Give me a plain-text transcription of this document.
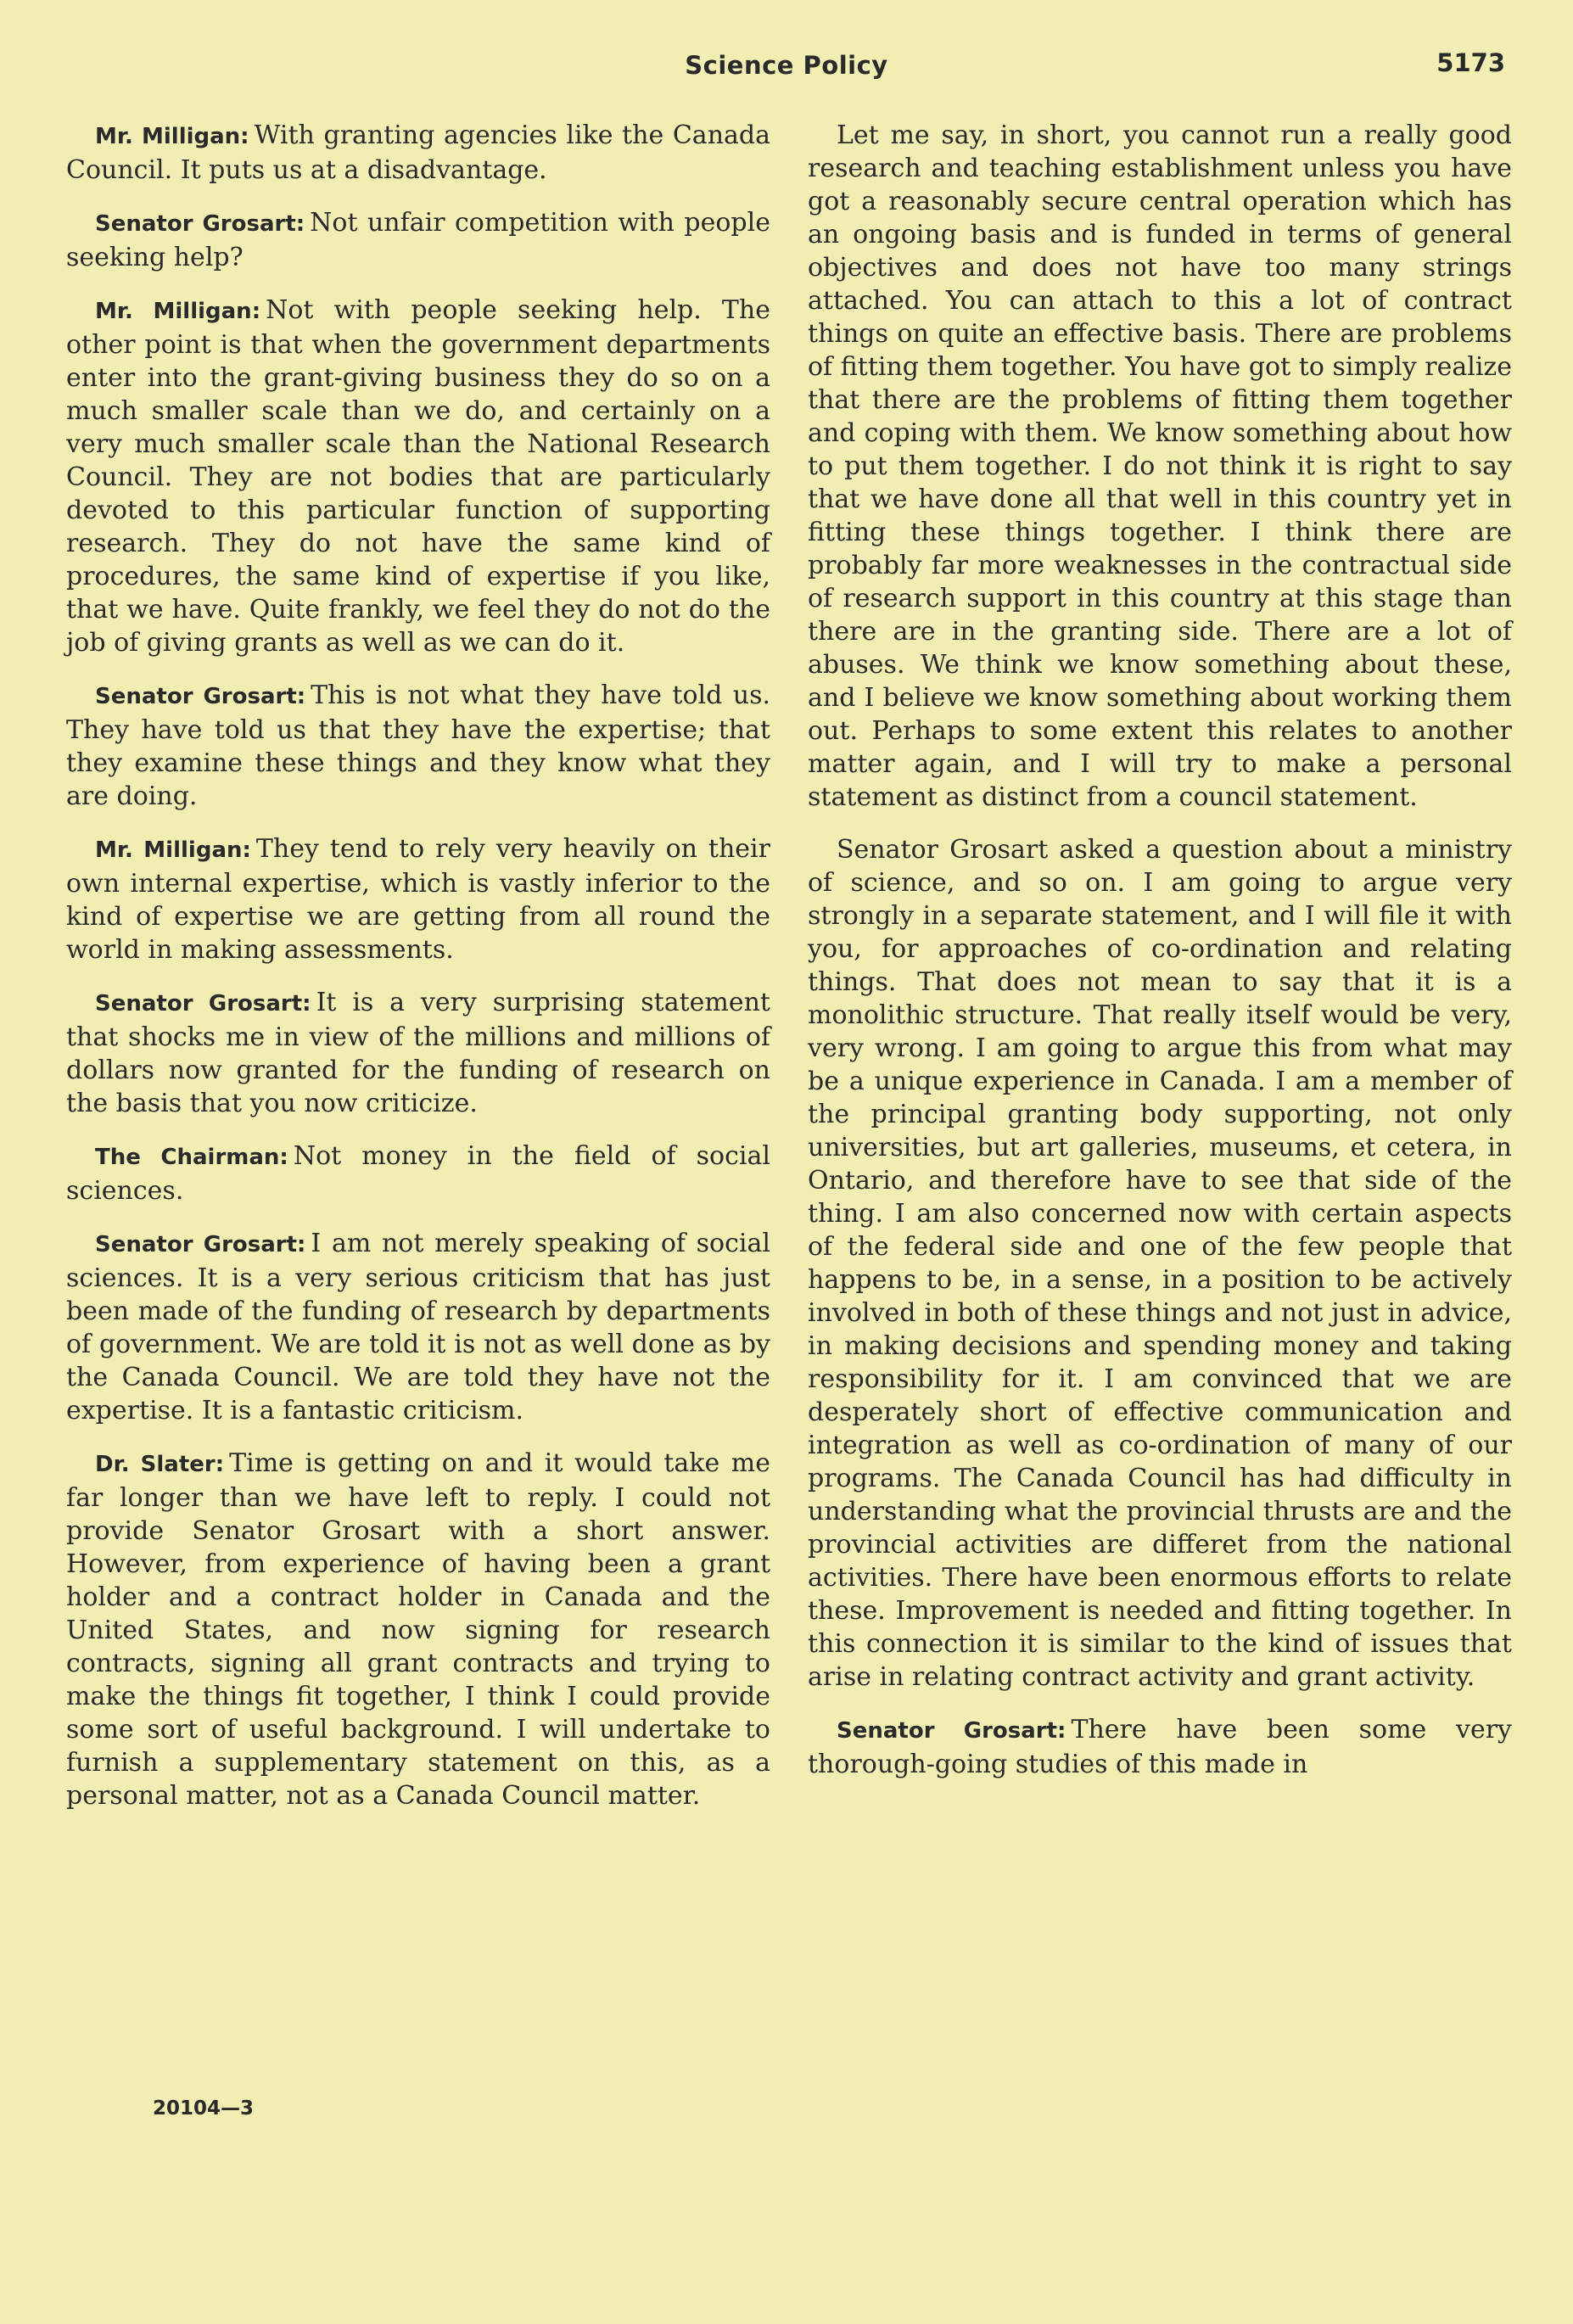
Science Policy	5173

Mr. Milligan: With granting agencies like the Canada Council. It puts us at a disadvantage.

Senator Grosart: Not unfair competition with people seeking help?

Mr. Milligan: Not with people seeking help. The other point is that when the government departments enter into the grant-giving business they do so on a much smaller scale than we do, and certainly on a very much smaller scale than the National Research Council. They are not bodies that are particularly devoted to this particular function of supporting research. They do not have the same kind of procedures, the same kind of expertise if you like, that we have. Quite frankly, we feel they do not do the job of giving grants as well as we can do it.

Senator Grosart: This is not what they have told us. They have told us that they have the expertise; that they examine these things and they know what they are doing.

Mr. Milligan: They tend to rely very heavily on their own internal expertise, which is vastly inferior to the kind of expertise we are getting from all round the world in making assessments.

Senator Grosart: It is a very surprising statement that shocks me in view of the millions and millions of dollars now granted for the funding of research on the basis that you now criticize.

The Chairman: Not money in the field of social sciences.

Senator Grosart: I am not merely speaking of social sciences. It is a very serious criticism that has just been made of the funding of research by departments of government. We are told it is not as well done as by the Canada Council. We are told they have not the expertise. It is a fantastic criticism.

Dr. Slater: Time is getting on and it would take me far longer than we have left to reply. I could not provide Senator Grosart with a short answer. However, from experience of having been a grant holder and a contract holder in Canada and the United States, and now signing for research contracts, signing all grant contracts and trying to make the things fit together, I think I could provide some sort of useful background. I will undertake to furnish a supplementary statement on this, as a personal matter, not as a Canada Council matter.

Let me say, in short, you cannot run a really good research and teaching establishment unless you have got a reasonably secure central operation which has an ongoing basis and is funded in terms of general objectives and does not have too many strings attached. You can attach to this a lot of contract things on quite an effective basis. There are problems of fitting them together. You have got to simply realize that there are the problems of fitting them together and coping with them. We know something about how to put them together. I do not think it is right to say that we have done all that well in this country yet in fitting these things together. I think there are probably far more weaknesses in the contractual side of research support in this country at this stage than there are in the granting side. There are a lot of abuses. We think we know something about these, and I believe we know something about working them out. Perhaps to some extent this relates to another matter again, and I will try to make a personal statement as distinct from a council statement.

Senator Grosart asked a question about a ministry of science, and so on. I am going to argue very strongly in a separate statement, and I will file it with you, for approaches of co-ordination and relating things. That does not mean to say that it is a monolithic structure. That really itself would be very, very wrong. I am going to argue this from what may be a unique experience in Canada. I am a member of the principal granting body supporting, not only universities, but art galleries, museums, et cetera, in Ontario, and therefore have to see that side of the thing. I am also concerned now with certain aspects of the federal side and one of the few people that happens to be, in a sense, in a position to be actively involved in both of these things and not just in advice, in making decisions and spending money and taking responsibility for it. I am convinced that we are desperately short of effective communication and integration as well as co-ordination of many of our programs. The Canada Council has had difficulty in understanding what the provincial thrusts are and the provincial activities are differet from the national activities. There have been enormous efforts to relate these. Improvement is needed and fitting together. In this connection it is similar to the kind of issues that arise in relating contract activity and grant activity.

Senator Grosart: There have been some very thorough-going studies of this made in

20104—3
